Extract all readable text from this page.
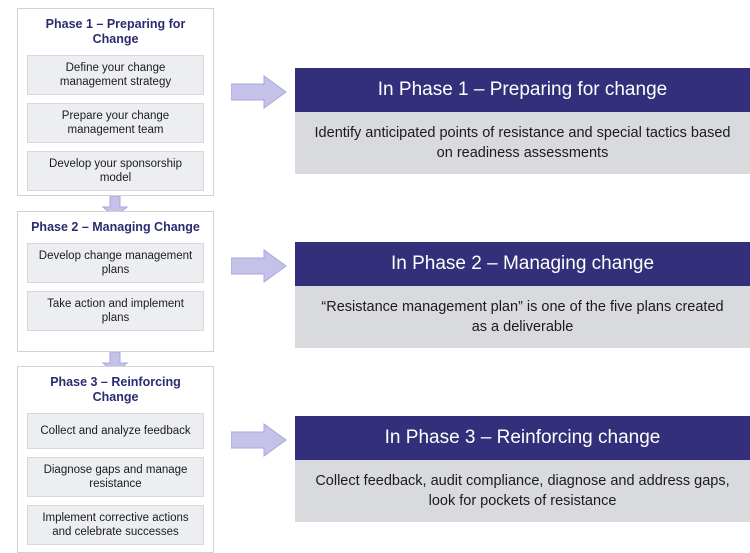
Phase 1 – Preparing for Change
Define your change management strategy
Prepare your change management team
Develop your sponsorship model
Phase 2 – Managing Change
Develop change management plans
Take action and implement plans
Phase 3 – Reinforcing Change
Collect and analyze feedback
Diagnose gaps and manage resistance
Implement corrective actions and celebrate successes
In Phase 1 – Preparing for change
Identify anticipated points of resistance and special tactics based on readiness assessments
In Phase 2 – Managing change
“Resistance management plan” is one of the five plans created as a deliverable
In Phase 3 – Reinforcing change
Collect feedback, audit compliance, diagnose and address gaps, look for pockets of resistance
